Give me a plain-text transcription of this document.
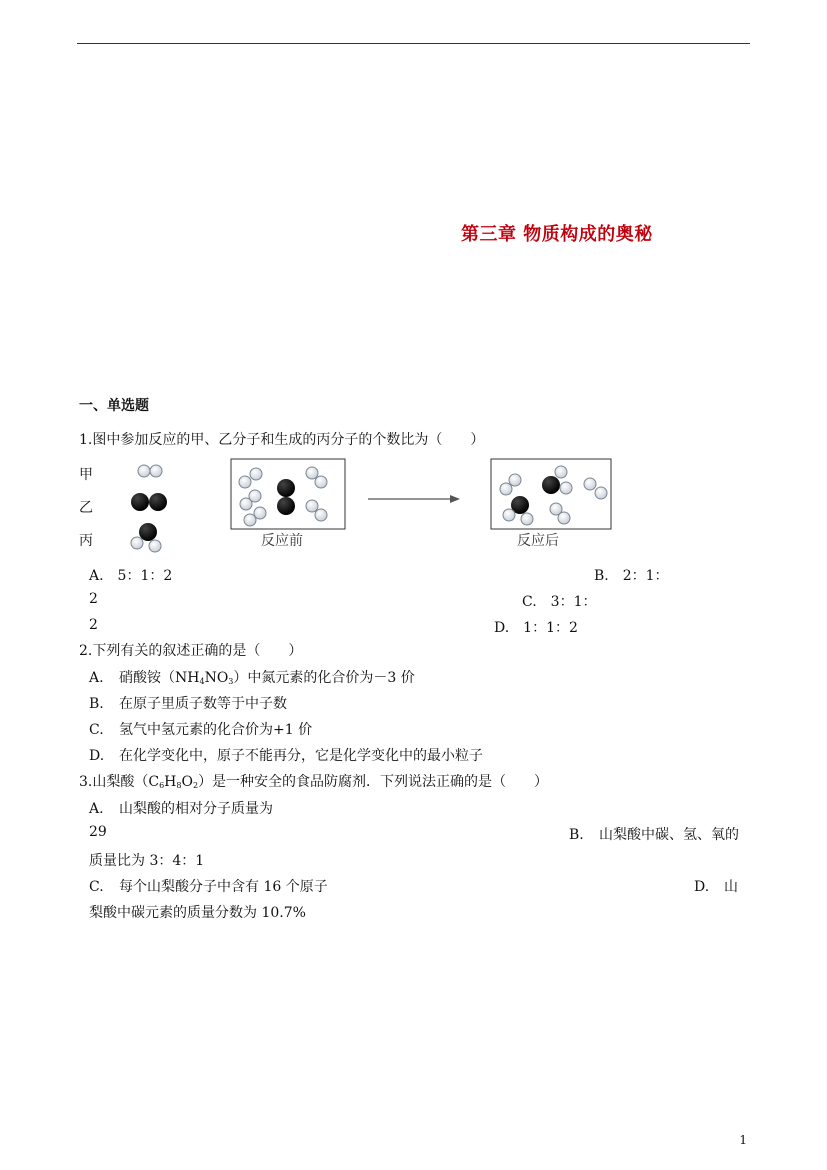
第三章 物质构成的奥秘
一、单选题
1.图中参加反应的甲、乙分子和生成的丙分子的个数比为（　　）
甲
乙
丙	反应前	反应后
A.　5：1：2	B.　2：1：
2	C.　3：1：
2	D.　1：1：2
2.下列有关的叙述正确的是（　　）
A. 硝酸铵$(NH_4NO_3)$中氮元素的化合价为－3 价
B. 在原子里质子数等于中子数
C. 氢气中氢元素的化合价为+1 价
D. 在化学变化中，原子不能再分，它是化学变化中的最小粒子
3.山梨酸$(C_6H_8O_2)$是一种安全的食品防腐剂．下列说法正确的是（　　）
A. 山梨酸的相对分子质量为
29	B. 山梨酸中碳、氢、氧的
质量比为 3：4：1
C. 每个山梨酸分子中含有 16 个原子	D. 山
梨酸中碳元素的质量分数为 10.7%
1
